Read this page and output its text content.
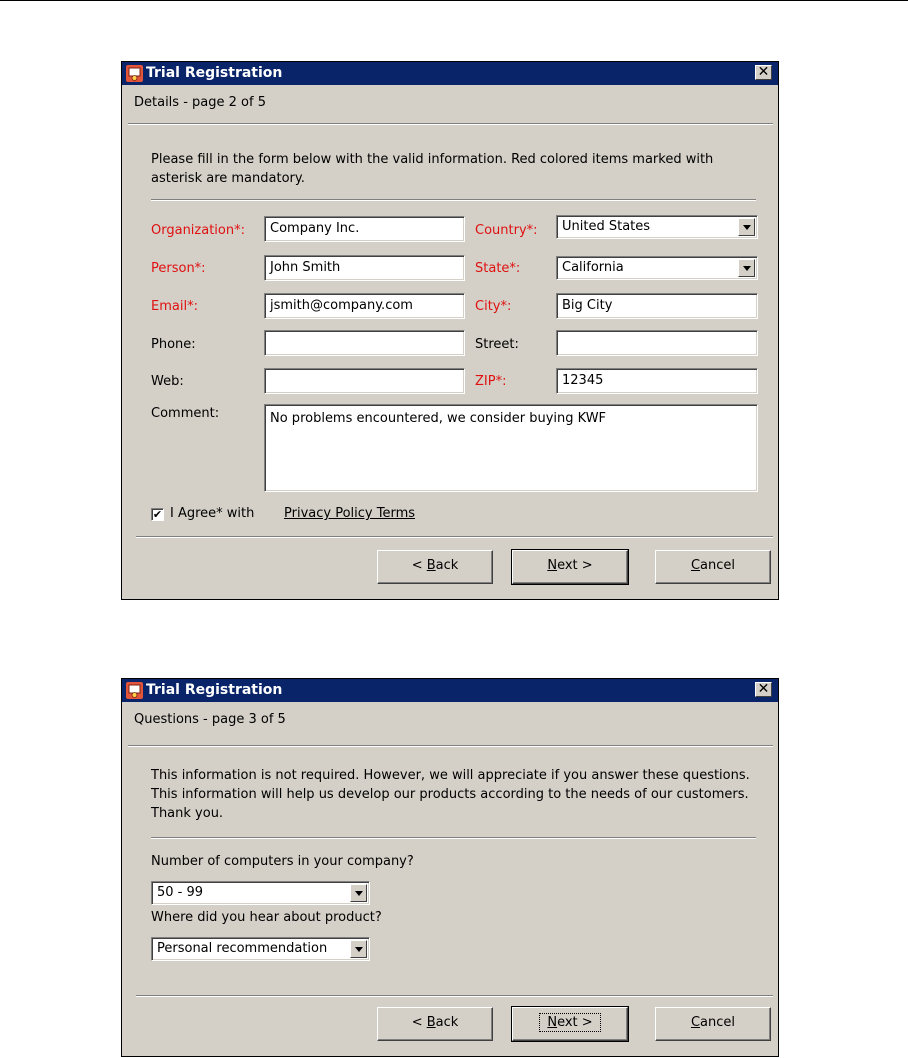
Trial Registration	✕
Details - page 2 of 5
Please fill in the form below with the valid information. Red colored items marked with asterisk are mandatory.
Organization*:	Company Inc.
Person*:	John Smith
Email*:	jsmith@company.com
Phone:
Web:
Comment:	No problems encountered, we consider buying KWF
Country*: United States
State*:	California
City*:	Big City
Street:
ZIP*:	12345
✔ I Agree* with Privacy Policy Terms
< Back	Next >	Cancel
Trial Registration	✕
Questions - page 3 of 5
This information is not required. However, we will appreciate if you answer these questions. This information will help us develop our products according to the needs of our customers. Thank you.
Number of computers in your company?
50 - 99
Where did you hear about product?
Personal recommendation
< Back	Next >	Cancel
